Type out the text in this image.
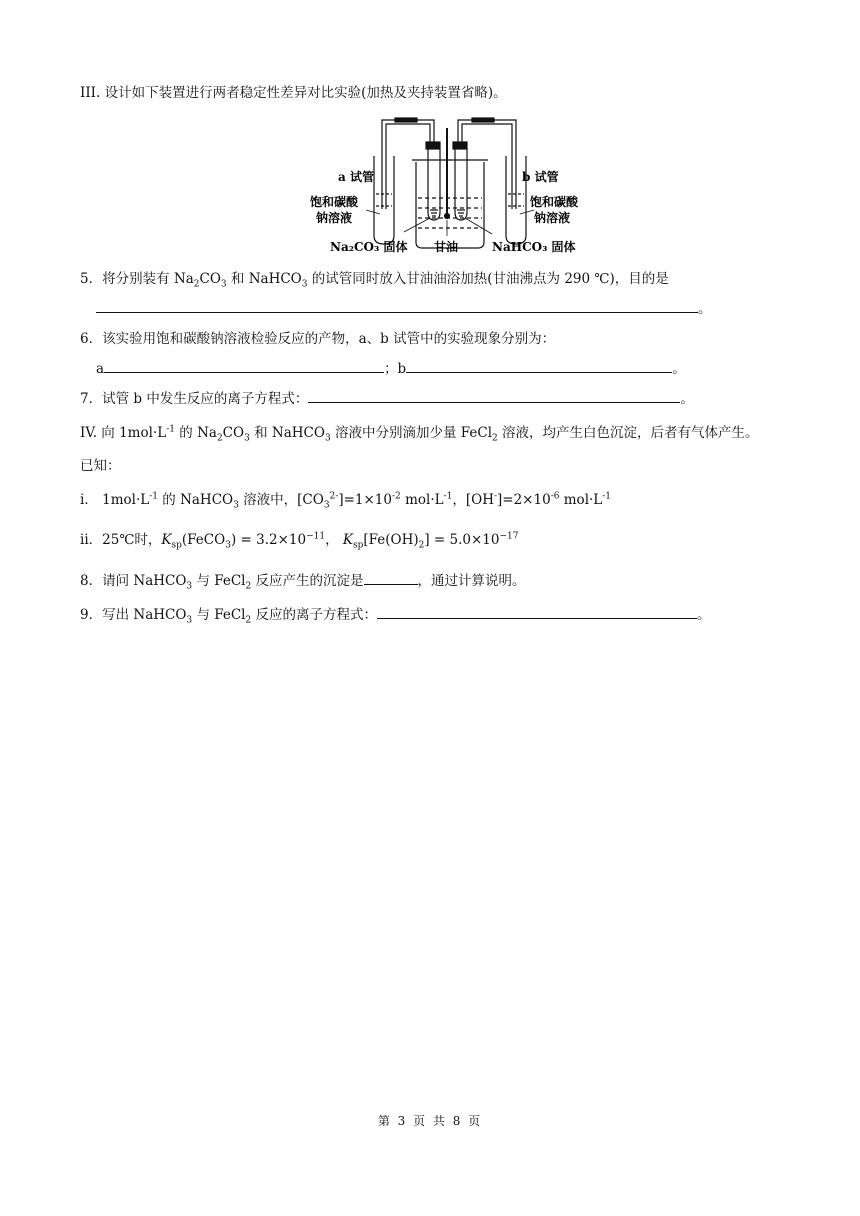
III. 设计如下装置进行两者稳定性差异对比实验(加热及夹持装置省略)。
a 试管	b 试管
饱和碳酸
钠溶液
饱和碳酸
钠溶液
Na₂CO₃ 固体 甘油	NaHCO₃ 固体
5．将分别装有 $Na_2CO_3$ 和 NaHCO$_3$ 的试管同时放入甘油油浴加热(甘油沸点为 290 ℃)，目的是
。
6．该实验用饱和碳酸钠溶液检验反应的产物，a、b 试管中的实验现象分别为：
a	；b	。
7．试管 b 中发生反应的离子方程式：	。
IV. 向 $1mol\cdot L^{-1}$ 的 $Na_2CO_3$ 和 NaHCO$_3$ 溶液中分别滴加少量 FeCl$_2$ 溶液，均产生白色沉淀，后者有气体产生。
已知：
i． $1mol\cdot L^{-1}$ 的 NaHCO$_3$ 溶液中，$[CO_3^{2-}]=1\times 10^{-2}$ $mol\cdot L^{-1}$，$[OH^-]=2\times 10^{-6}$ $mol\cdot L^{-1}$
ii．25℃时，$K_{sp}(FeCO_3) = 3.2\times 10^{-11}$， $K_{sp}[Fe(OH)_2] = 5.0\times 10^{-17}$
8．请问 NaHCO$_3$ 与 FeCl$_2$ 反应产生的沉淀是	，通过计算说明。
9．写出 NaHCO$_3$ 与 FeCl$_2$ 反应的离子方程式：	。
第 3 页 共 8 页
